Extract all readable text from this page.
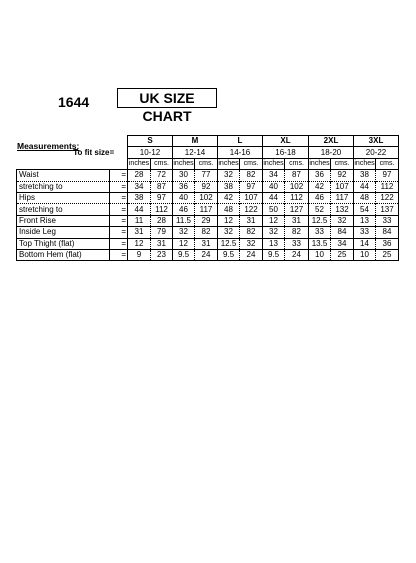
1644	UK SIZE CHART
		S		M		L		XL		2XL		3XL	
To fit size	=	10-12		12-14		14-16		16-18		18-20		20-22	
		inches	cms.	inches	cms.	inches	cms.	inches	cms.	inches	cms.	inches	cms.
Waist	=	28	72	30	77	32	82	34	87	36	92	38	97
stretching to	=	34	87	36	92	38	97	40	102	42	107	44	112
Hips	=	38	97	40	102	42	107	44	112	46	117	48	122
stretching to	=	44	112	46	117	48	122	50	127	52	132	54	137
Front Rise	=	11	28	11.5	29	12	31	12	31	12.5	32	13	33
Inside Leg	=	31	79	32	82	32	82	32	82	33	84	33	84
Top Thight (flat)	=	12	31	12	31	12.5	32	13	33	13.5	34	14	36
Bottom Hem (flat)	=	9	23	9.5	24	9.5	24	9.5	24	10	25	10	25
Measurements:
